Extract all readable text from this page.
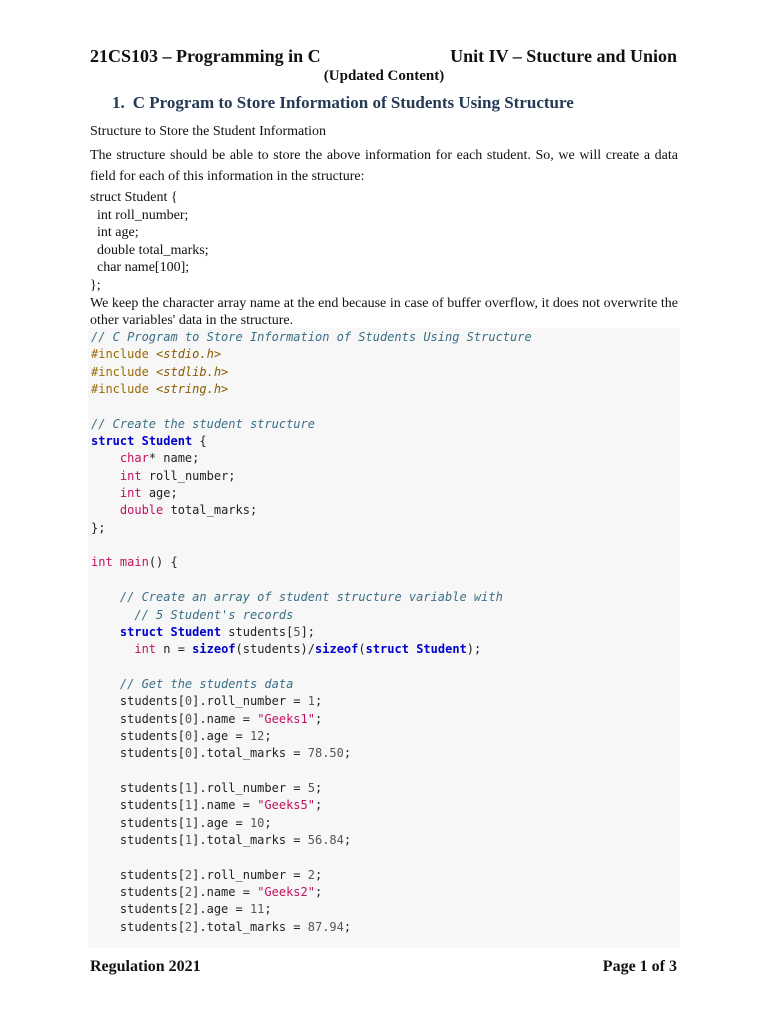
21CS103 – Programming in C	Unit IV – Stucture and Union
(Updated Content)
1. C Program to Store Information of Students Using Structure

Structure to Store the Student Information

The structure should be able to store the above information for each student. So, we will create a data field for each of this information in the structure:

struct Student {

int roll_number;

int age;

double total_marks;

char name[100];

};

We keep the character array name at the end because in case of buffer overflow, it does not overwrite the other variables' data in the structure.

// C Program to Store Information of Students Using Structure
#include <stdio.h>
#include <stdlib.h>
#include <string.h>

// Create the student structure
struct Student {
char* name;
int roll_number;
int age;
double total_marks;
};

int main() {

// Create an array of student structure variable with
// 5 Student's records
struct Student students[5];
int n = sizeof(students)/sizeof(struct Student);

// Get the students data
students[0].roll_number = 1;
students[0].name = "Geeks1";
students[0].age = 12;
students[0].total_marks = 78.50;

students[1].roll_number = 5;
students[1].name = "Geeks5";
students[1].age = 10;
students[1].total_marks = 56.84;

students[2].roll_number = 2;
students[2].name = "Geeks2";
students[2].age = 11;
students[2].total_marks = 87.94;
Regulation 2021	Page 1 of 3
